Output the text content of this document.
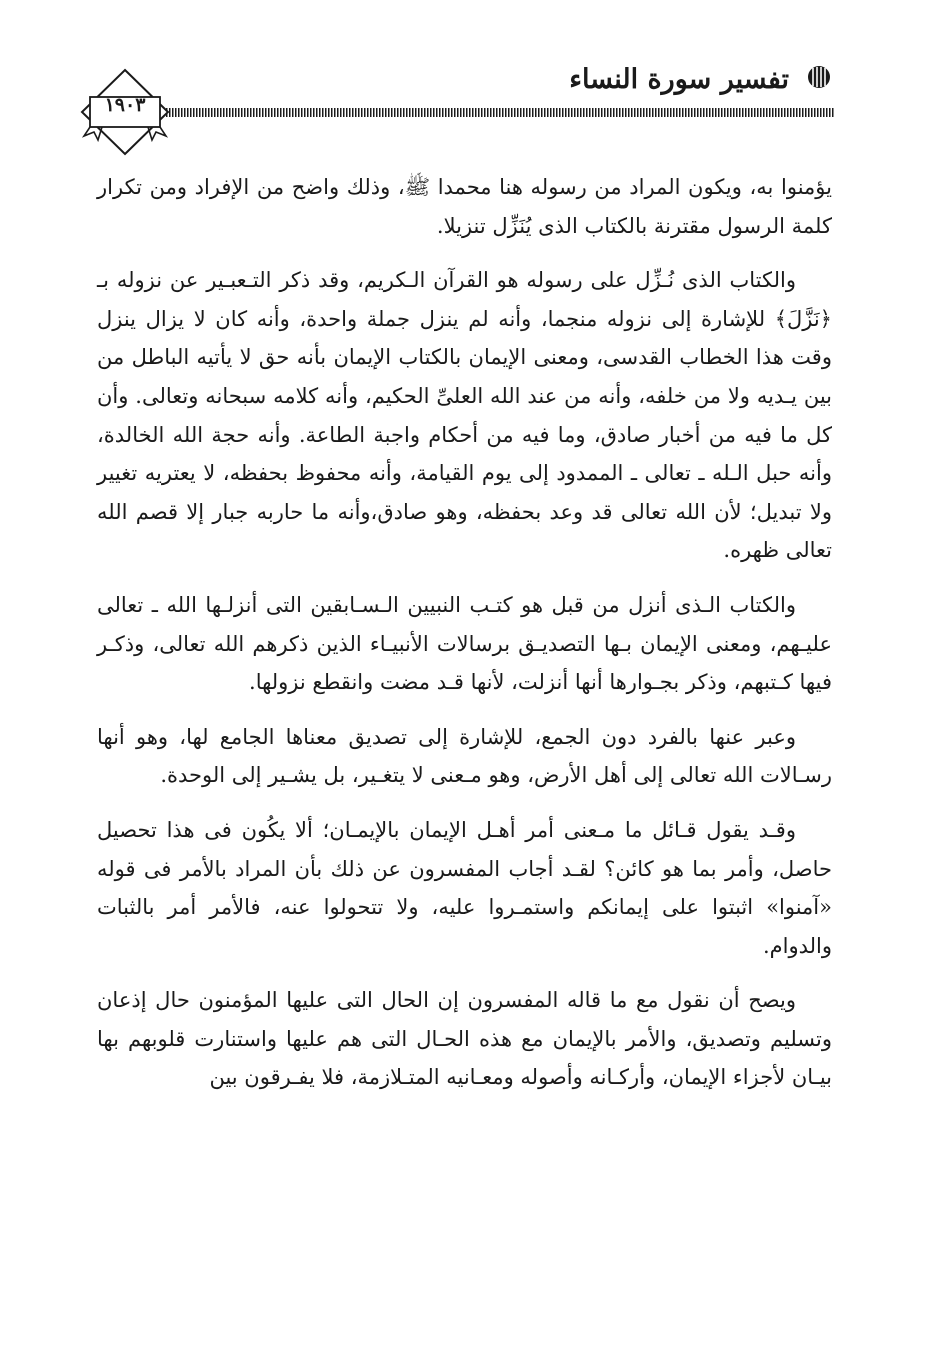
تفسير سورة النساء
١٩٠٣

يؤمنوا به، ويكون المراد من رسوله هنا محمدا ﷺ، وذلك واضح من الإفراد ومن تكرار كلمة الرسول مقترنة بالكتاب الذى يُنَزِّل تنزيلا.

والكتاب الذى نُـزِّل على رسوله هو القرآن الـكريم، وقد ذكر التـعبـير عن نزوله بـ ﴿نَزَّلَ﴾ للإشارة إلى نزوله منجما، وأنه لم ينزل جملة واحدة، وأنه كان لا يزال ينزل وقت هذا الخطاب القدسى، ومعنى الإيمان بالكتاب الإيمان بأنه حق لا يأتيه الباطل من بين يـديه ولا من خلفه، وأنه من عند الله العلىِّ الحكيم، وأنه كلامه سبحانه وتعالى. وأن كل ما فيه من أخبار صادق، وما فيه من أحكام واجبة الطاعة. وأنه حجة الله الخالدة، وأنه حبل الـله ـ تعالى ـ الممدود إلى يوم القيامة، وأنه محفوظ بحفظه، لا يعتريه تغيير ولا تبديل؛ لأن الله تعالى قد وعد بحفظه، وهو صادق،وأنه ما حاربه جبار إلا قصم الله تعالى ظهره.

والكتاب الـذى أنزل من قبل هو كتـب النبيين الـسـابقين التى أنزلـها الله ـ تعالى عليـهم، ومعنى الإيمان بـها التصديـق برسالات الأنبيـاء الذين ذكرهم الله تعالى، وذكـر فيها كـتبهم، وذكر بجـوارها أنها أنزلت، لأنها قـد مضت وانقطع نزولها.

وعبر عنها بالفرد دون الجمع، للإشارة إلى تصديق معناها الجامع لها، وهو أنها رسـالات الله تعالى إلى أهل الأرض، وهو مـعنى لا يتغـير، بل يشـير إلى الوحدة.

وقـد يقول قـائل ما مـعنى أمر أهـل الإيمان بالإيمـان؛ ألا يكُون فى هذا تحصيل حاصل، وأمر بما هو كائن؟ لقـد أجاب المفسرون عن ذلك بأن المراد بالأمر فى قوله «آمنوا» اثبتوا على إيمانكم واستمـروا عليه، ولا تتحولوا عنه، فالأمر أمر بالثبات والدوام.

ويصح أن نقول مع ما قاله المفسرون إن الحال التى عليها المؤمنون حال إذعان وتسليم وتصديق، والأمر بالإيمان مع هذه الحـال التى هم عليها واستنارت قلوبهم بها بيـان لأجزاء الإيمان، وأركـانه وأصوله ومعـانيه المتـلازمة، فلا يفـرقون بين
